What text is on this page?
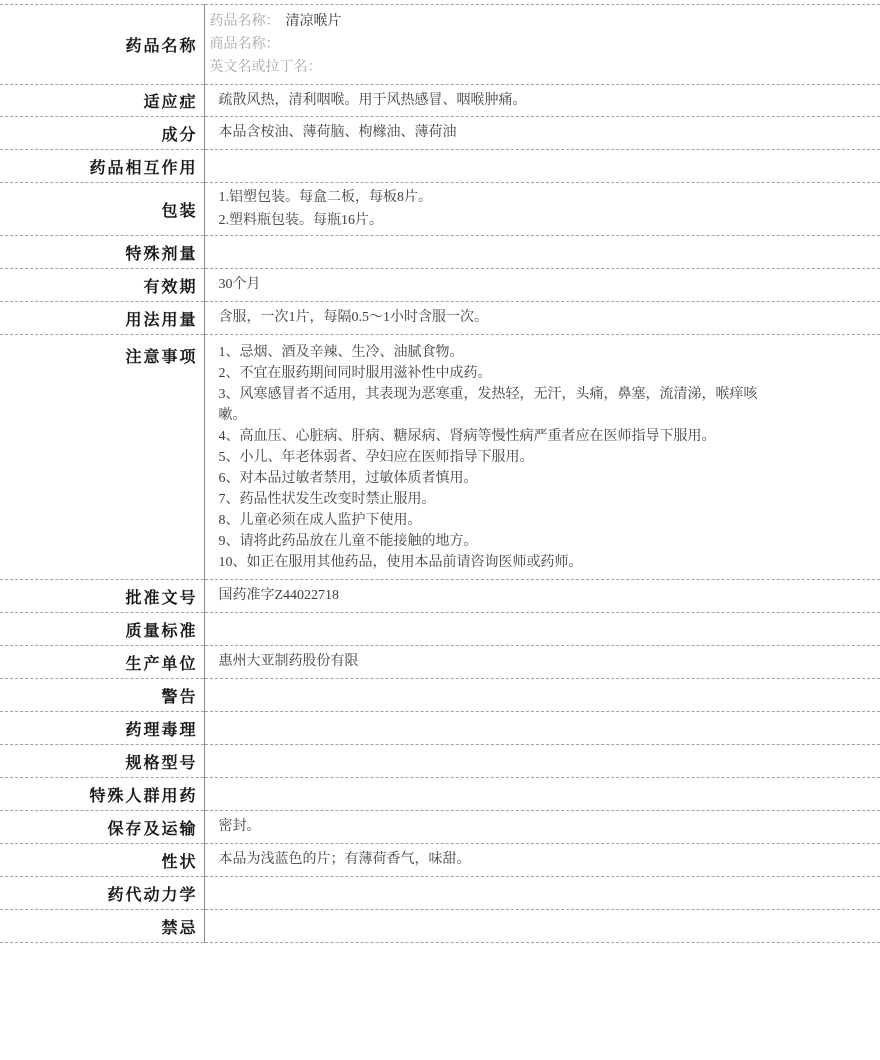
药品名称	药品名称： 清凉喉片
商品名称：
英文名或拉丁名：

适应症	疏散风热，清利咽喉。用于风热感冒、咽喉肿痛。
成分	本品含桉油、薄荷脑、枸橼油、薄荷油
药品相互作用	
包装	1.铝塑包装。每盒二板，每板8片。
2.塑料瓶包装。每瓶16片。

特殊剂量	
有效期	30个月
用法用量	含服，一次1片，每隔0.5～1小时含服一次。
注意事项	1、忌烟、酒及辛辣、生冷、油腻食物。
2、不宜在服药期间同时服用滋补性中成药。
3、风寒感冒者不适用，其表现为恶寒重，发热轻，无汗，头痛，鼻塞，流清涕，喉痒咳嗽。
4、高血压、心脏病、肝病、糖尿病、肾病等慢性病严重者应在医师指导下服用。
5、小儿、年老体弱者、孕妇应在医师指导下服用。
6、对本品过敏者禁用，过敏体质者慎用。
7、药品性状发生改变时禁止服用。
8、儿童必须在成人监护下使用。
9、请将此药品放在儿童不能接触的地方。
10、如正在服用其他药品，使用本品前请咨询医师或药师。

批准文号	国药准字Z44022718
质量标准	
生产单位	惠州大亚制药股份有限
警告	
药理毒理	
规格型号	
特殊人群用药	
保存及运输	密封。
性状	本品为浅蓝色的片；有薄荷香气，味甜。
药代动力学	
禁忌	
